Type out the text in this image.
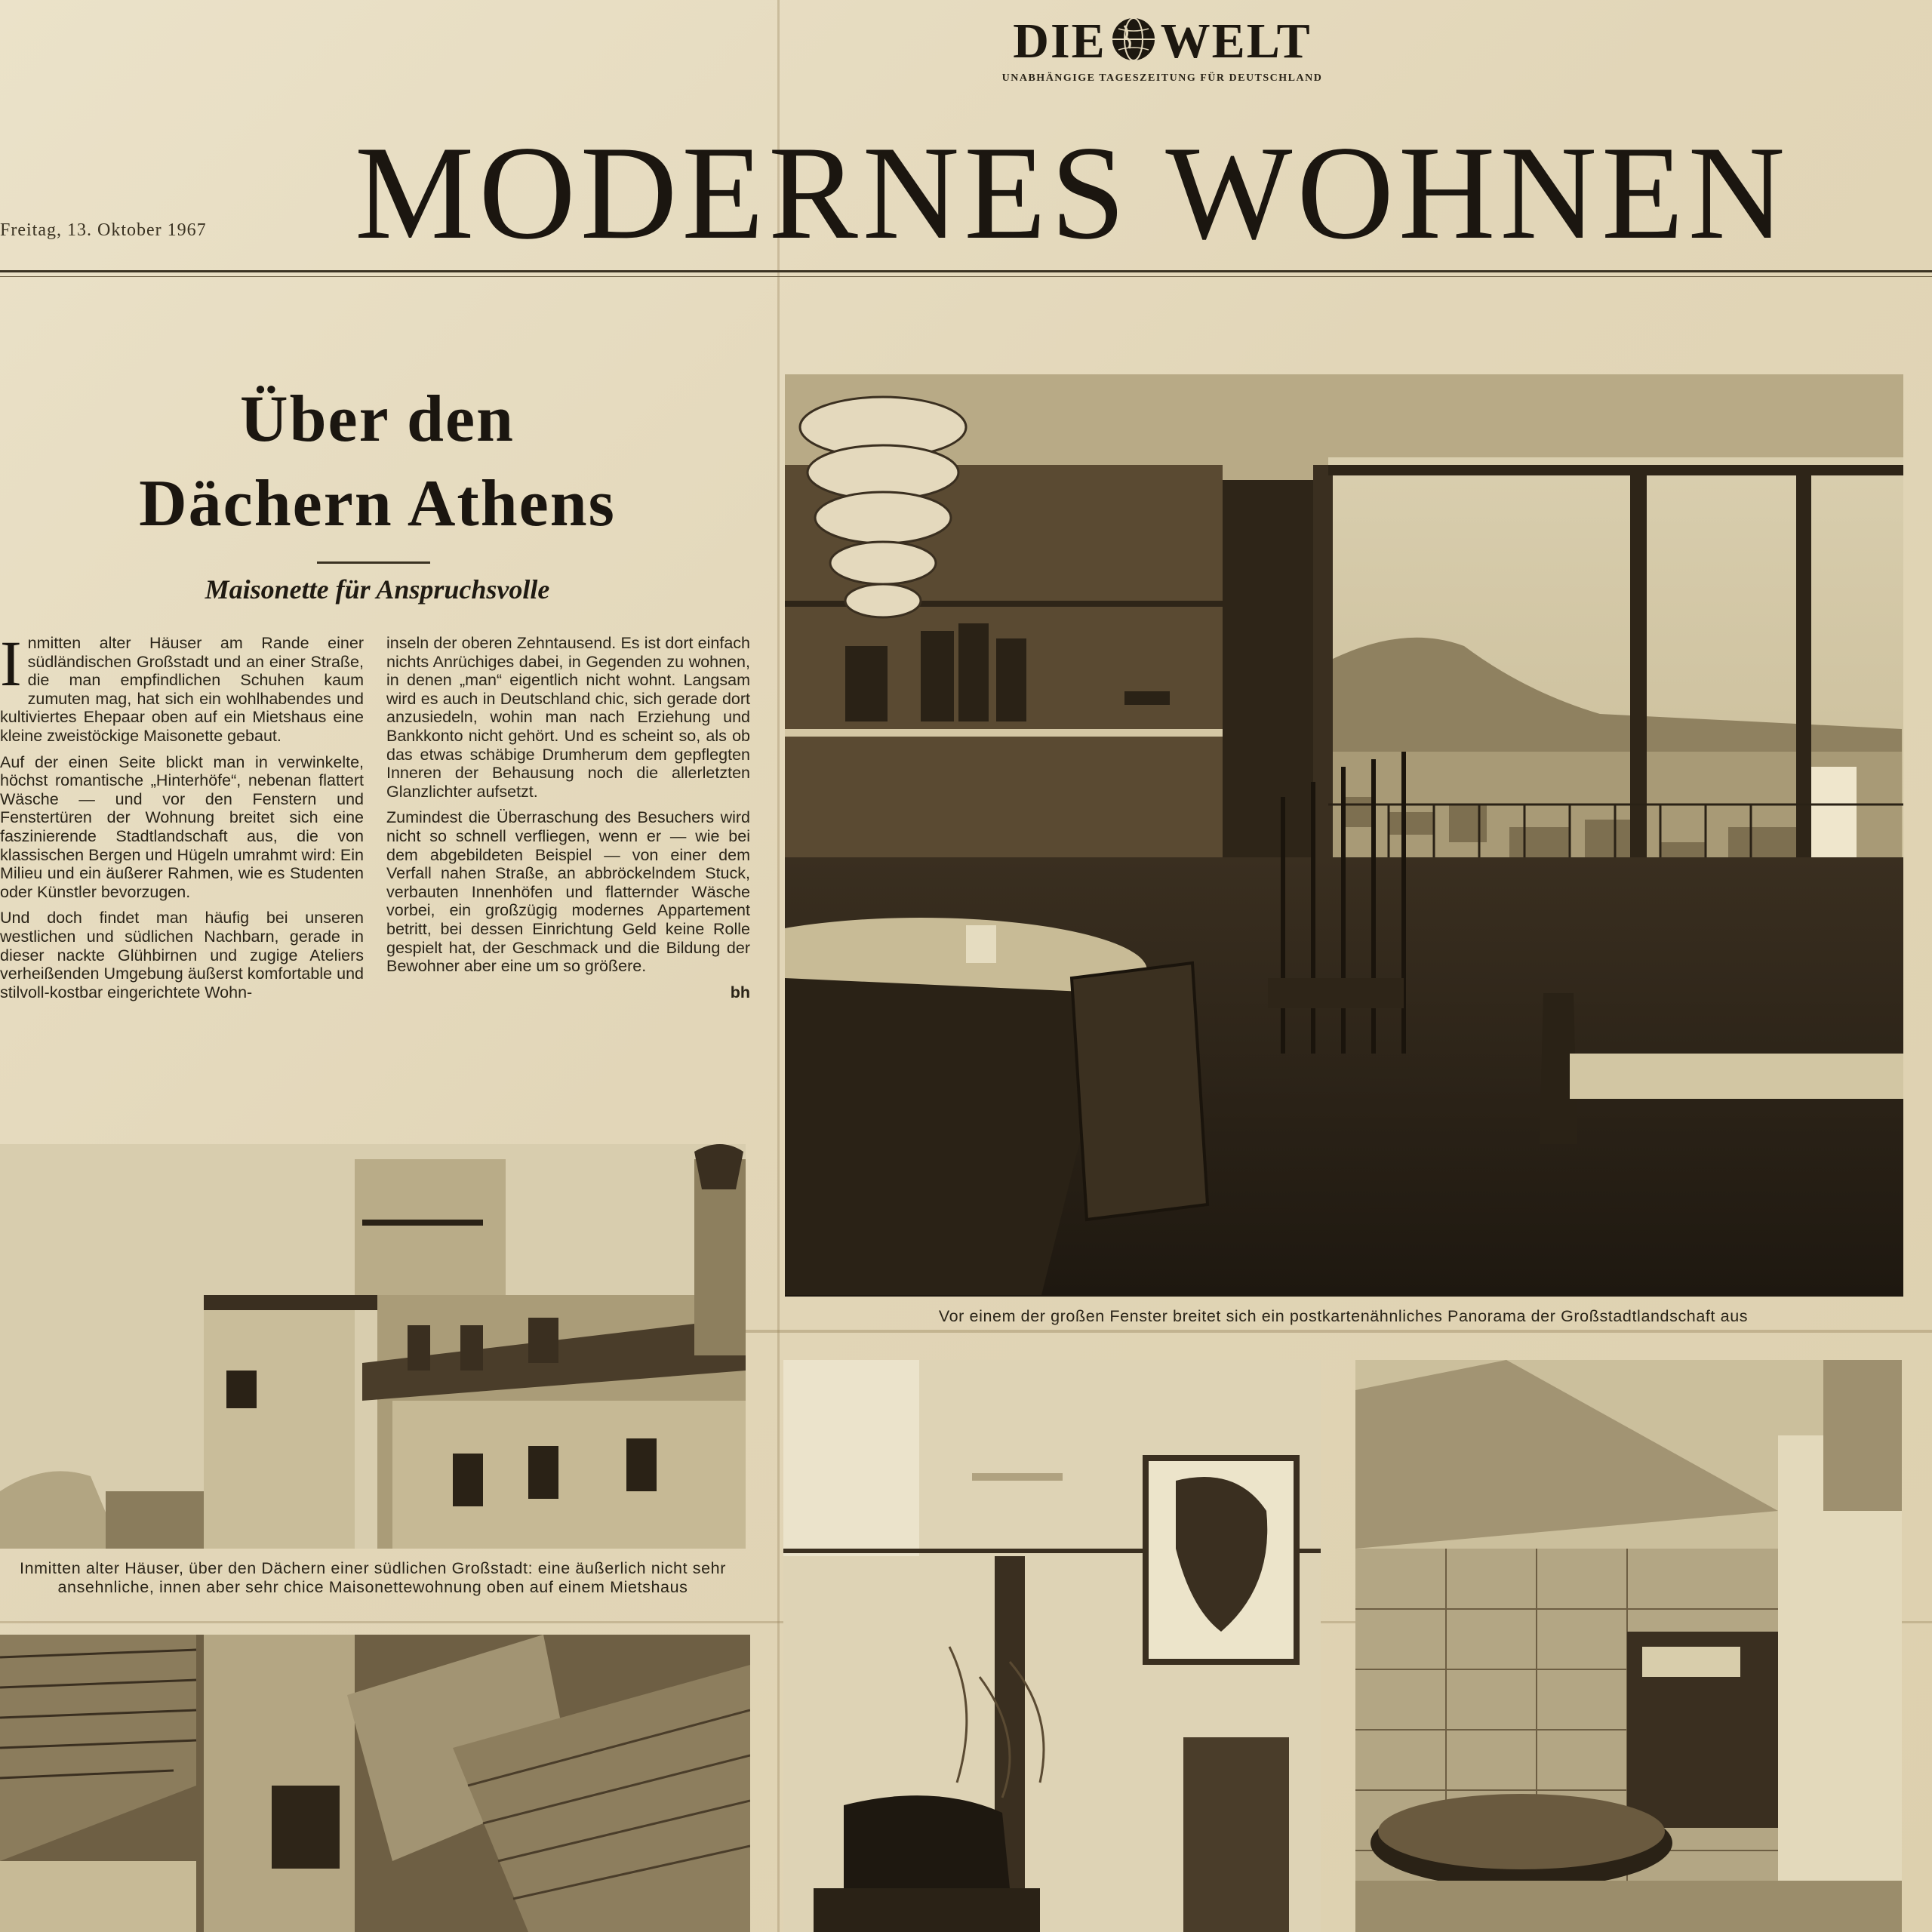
DIE WELT
UNABHÄNGIGE TAGESZEITUNG FÜR DEUTSCHLAND
MODERNES WOHNEN
Freitag, 13. Oktober 1967
Über den
Dächern Athens
Maisonette für Anspruchsvolle

Inmitten alter Häuser am Rande einer südländischen Großstadt und an einer Straße, die man empfindlichen Schuhen kaum zumuten mag, hat sich ein wohlhabendes und kultiviertes Ehepaar oben auf ein Mietshaus eine kleine zweistöckige Maisonette gebaut.

Auf der einen Seite blickt man in verwinkelte, höchst romantische „Hinterhöfe“, nebenan flattert Wäsche — und vor den Fenstern und Fenstertüren der Wohnung breitet sich eine faszinierende Stadtlandschaft aus, die von klassischen Bergen und Hügeln umrahmt wird: Ein Milieu und ein äußerer Rahmen, wie es Studenten oder Künstler bevorzugen.

Und doch findet man häufig bei unseren westlichen und südlichen Nachbarn, gerade in dieser nackte Glühbirnen und zugige Ateliers verheißenden Umgebung äußerst komfortable und stilvoll-kostbar eingerichtete Wohn-

inseln der oberen Zehntausend. Es ist dort einfach nichts Anrüchiges dabei, in Gegenden zu wohnen, in denen „man“ eigentlich nicht wohnt. Langsam wird es auch in Deutschland chic, sich gerade dort anzusiedeln, wohin man nach Erziehung und Bankkonto nicht gehört. Und es scheint so, als ob das etwas schäbige Drumherum dem gepflegten Inneren der Behausung noch die allerletzten Glanzlichter aufsetzt.

Zumindest die Überraschung des Besuchers wird nicht so schnell verfliegen, wenn er — wie bei dem abgebildeten Beispiel — von einer dem Verfall nahen Straße, an abbröckelndem Stuck, verbauten Innenhöfen und flatternder Wäsche vorbei, ein großzügig modernes Appartement betritt, bei dessen Einrichtung Geld keine Rolle gespielt hat, der Geschmack und die Bildung der Bewohner aber eine um so größere.

bh
Vor einem der großen Fenster breitet sich ein postkartenähnliches Panorama der Großstadtlandschaft aus
Inmitten alter Häuser, über den Dächern einer südlichen Großstadt: eine äußerlich nicht sehr ansehnliche, innen aber sehr chice Maisonettewohnung oben auf einem Mietshaus
